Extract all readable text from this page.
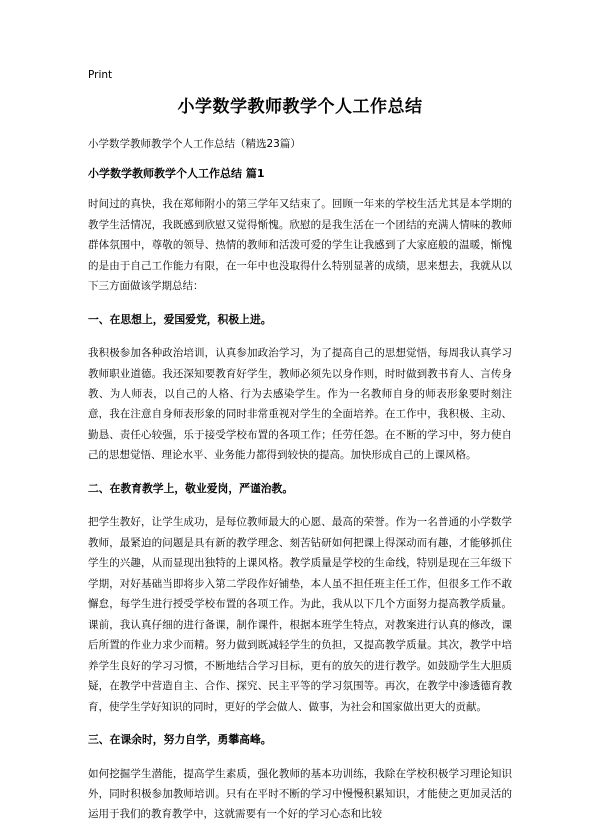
Print
小学数学教师教学个人工作总结

小学数学教师教学个人工作总结（精选23篇）

小学数学教师教学个人工作总结 篇1

时间过的真快，我在郑师附小的第三学年又结束了。回顾一年来的学校生活尤其是本学期的教学生活情况，我既感到欣慰又觉得惭愧。欣慰的是我生活在一个团结的充满人情味的教师群体氛围中，尊敬的领导、热情的教师和活泼可爱的学生让我感到了大家庭般的温暖，惭愧的是由于自己工作能力有限，在一年中也没取得什么特别显著的成绩，思来想去，我就从以下三方面做该学期总结：

一、在思想上，爱国爱党，积极上进。

我积极参加各种政治培训，认真参加政治学习，为了提高自己的思想觉悟，每周我认真学习教师职业道德。我还深知要教育好学生，教师必须先以身作则，时时做到教书育人、言传身教、为人师表，以自己的人格、行为去感染学生。作为一名教师自身的师表形象要时刻注意，我在注意自身师表形象的同时非常重视对学生的全面培养。在工作中，我积极、主动、勤恳、责任心较强，乐于接受学校布置的各项工作；任劳任怨。在不断的学习中，努力使自己的思想觉悟、理论水平、业务能力都得到较快的提高。加快形成自己的上课风格。

二、在教育教学上，敬业爱岗，严谨治教。

把学生教好，让学生成功，是每位教师最大的心愿、最高的荣誉。作为一名普通的小学数学教师，最紧迫的问题是具有新的教学理念、刻苦钻研如何把课上得深动而有趣，才能够抓住学生的兴趣，从而显现出独特的上课风格。教学质量是学校的生命线，特别是现在三年级下学期，对好基础当即将步入第二学段作好铺垫，本人虽不担任班主任工作，但很多工作不敢懈怠，每学生进行授受学校布置的各项工作。为此，我从以下几个方面努力提高教学质量。课前，我认真仔细的进行备课，制作课件，根据本班学生特点，对教案进行认真的修改，课后所置的作业力求少而精。努力做到既减轻学生的负担，又提高教学质量。其次，教学中培养学生良好的学习习惯，不断地结合学习目标，更有的放矢的进行教学。如鼓励学生大胆质疑，在教学中营造自主、合作、探究、民主平等的学习氛围等。再次，在教学中渗透德育教育，使学生学好知识的同时，更好的学会做人、做事，为社会和国家做出更大的贡献。

三、在课余时，努力自学，勇攀高峰。

如何挖掘学生潜能，提高学生素质，强化教师的基本功训练，我除在学校积极学习理论知识外，同时积极参加教师培训。只有在平时不断的学习中慢慢积累知识，才能使之更加灵活的运用于我们的教育教学中，这就需要有一个好的学习心态和比较
